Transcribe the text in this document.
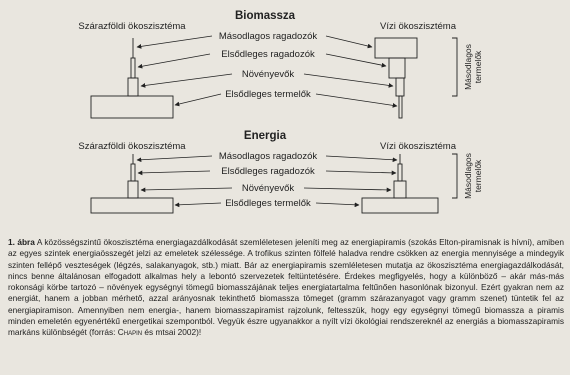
Biomassza
Szárazföldi ökoszisztéma	Vízi ökoszisztéma
Másodlagos ragadozók
Elsődleges ragadozók
Növényevők
Elsődleges termelők
Másodlagos termelők
Energia
Szárazföldi ökoszisztéma	Vízi ökoszisztéma
Másodlagos ragadozók
Elsődleges ragadozók
Növényevők
Elsődleges termelők
Másodlagos termelők
1. ábra A közösségszintű ökoszisztéma energiagazdálkodását szemléletesen jeleníti meg az energiapiramis (szokás Elton-piramisnak is hívni), amiben az egyes szintek energiaösszegét jelzi az emeletek szélessége. A trofikus szinten fölfelé haladva rendre csökken az energia mennyisége a mindegyik szinten fellépő veszteségek (légzés, salakanyagok, stb.) miatt. Bár az energiapiramis szemléletesen mutatja az ökoszisztéma energiagazdálkodását, nincs benne általánosan elfogadott alkalmas hely a lebontó szervezetek feltüntetésére. Érdekes megfigyelés, hogy a különböző – akár más-más rokonsági körbe tartozó – növények egységnyi tömegű biomasszájának teljes energiatartalma feltűnően hasonlónak bizonyul. Ezért gyakran nem az energiát, hanem a jobban mérhető, azzal arányosnak tekinthető biomassza tömeget (gramm szárazanyagot vagy gramm szenet) tüntetik fel az energiapiramison. Amennyiben nem energia-, hanem biomasszapiramist rajzolunk, feltesszük, hogy egy egységnyi tömegű biomassza a piramis minden emeletén egyenértékű energetikai szempontból. Vegyük észre ugyanakkor a nyílt vízi ökológiai rendszereknél az energiás a biomasszapiramis markáns különbségét (forrás: Chapin és mtsai 2002)!
